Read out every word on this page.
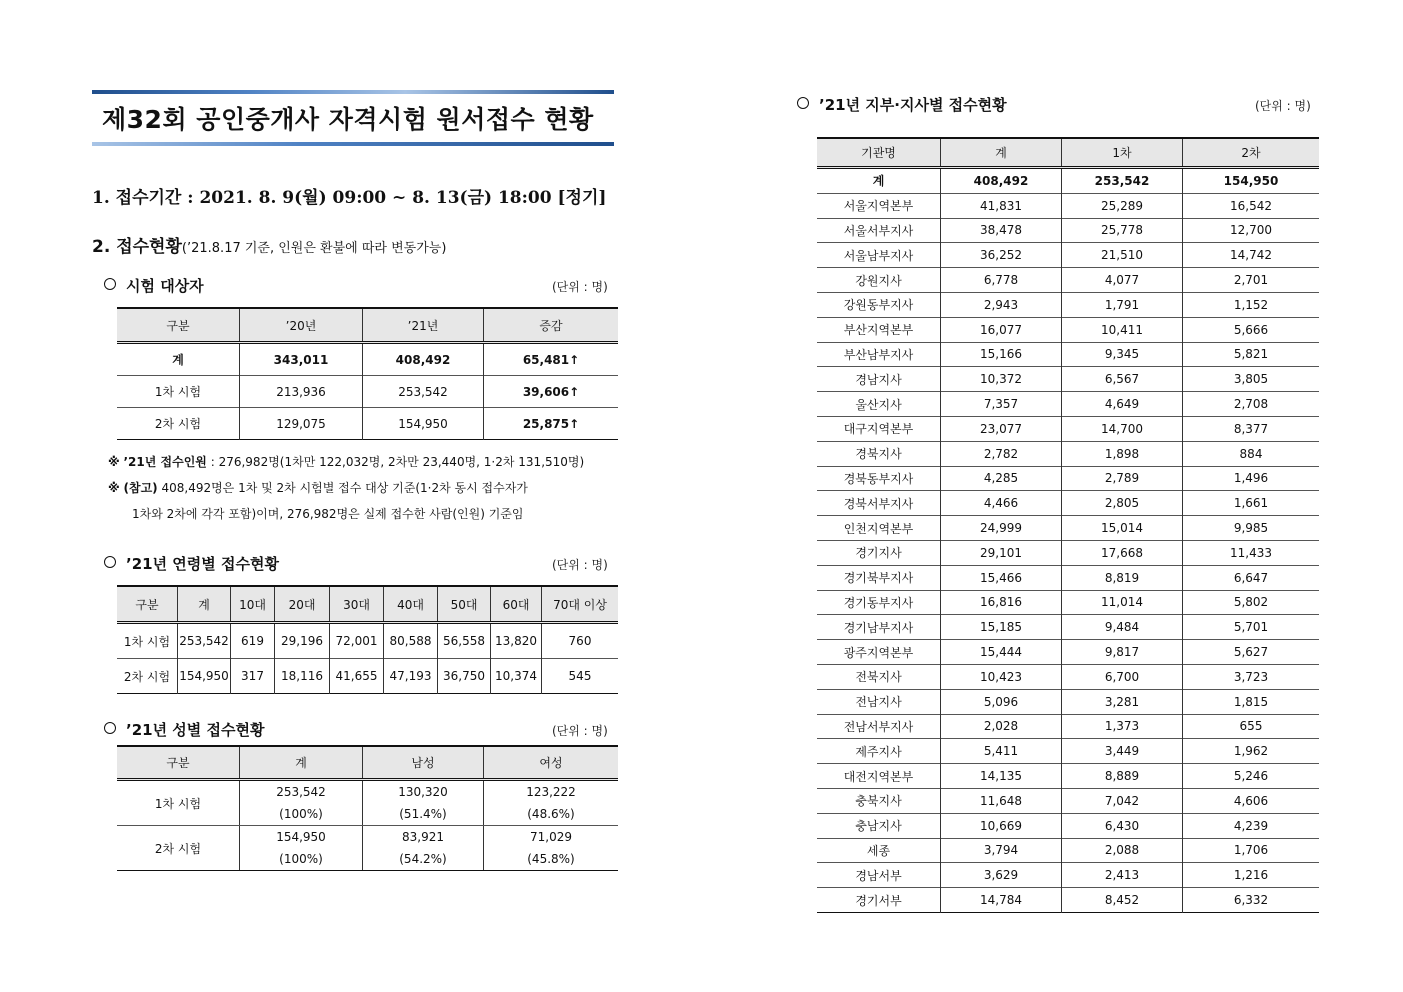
제32회 공인중개사 자격시험 원서접수 현황
1. 접수기간 : 2021. 8. 9(월) 09:00 ~ 8. 13(금) 18:00 [정기]
2. 접수현황(’21.8.17 기준, 인원은 환불에 따라 변동가능)
시험 대상자	(단위 : 명)
구분	’20년	’21년	증감
계	343,011	408,492	65,481↑
1차 시험	213,936	253,542	39,606↑
2차 시험	129,075	154,950	25,875↑
※ ’21년 접수인원 : 276,982명(1차만 122,032명, 2차만 23,440명, 1·2차 131,510명)
※ (참고) 408,492명은 1차 및 2차 시험별 접수 대상 기준(1·2차 동시 접수자가
1차와 2차에 각각 포함)이며, 276,982명은 실제 접수한 사람(인원) 기준임
’21년 연령별 접수현황	(단위 : 명)
구분	계	10대	20대	30대	40대	50대	60대	70대 이상
1차 시험	253,542	619	29,196	72,001	80,588	56,558	13,820	760
2차 시험	154,950	317	18,116	41,655	47,193	36,750	10,374	545
’21년 성별 접수현황	(단위 : 명)
구분	계	남성	여성
1차 시험	253,542	130,320	123,222
	(100%)	(51.4%)	(48.6%)
2차 시험	154,950	83,921	71,029
	(100%)	(54.2%)	(45.8%)
’21년 지부·지사별 접수현황	(단위 : 명)
기관명	계	1차	2차
계	408,492	253,542	154,950
서울지역본부	41,831	25,289	16,542
서울서부지사	38,478	25,778	12,700
서울남부지사	36,252	21,510	14,742
강원지사	6,778	4,077	2,701
강원동부지사	2,943	1,791	1,152
부산지역본부	16,077	10,411	5,666
부산남부지사	15,166	9,345	5,821
경남지사	10,372	6,567	3,805
울산지사	7,357	4,649	2,708
대구지역본부	23,077	14,700	8,377
경북지사	2,782	1,898	884
경북동부지사	4,285	2,789	1,496
경북서부지사	4,466	2,805	1,661
인천지역본부	24,999	15,014	9,985
경기지사	29,101	17,668	11,433
경기북부지사	15,466	8,819	6,647
경기동부지사	16,816	11,014	5,802
경기남부지사	15,185	9,484	5,701
광주지역본부	15,444	9,817	5,627
전북지사	10,423	6,700	3,723
전남지사	5,096	3,281	1,815
전남서부지사	2,028	1,373	655
제주지사	5,411	3,449	1,962
대전지역본부	14,135	8,889	5,246
충북지사	11,648	7,042	4,606
충남지사	10,669	6,430	4,239
세종	3,794	2,088	1,706
경남서부	3,629	2,413	1,216
경기서부	14,784	8,452	6,332
